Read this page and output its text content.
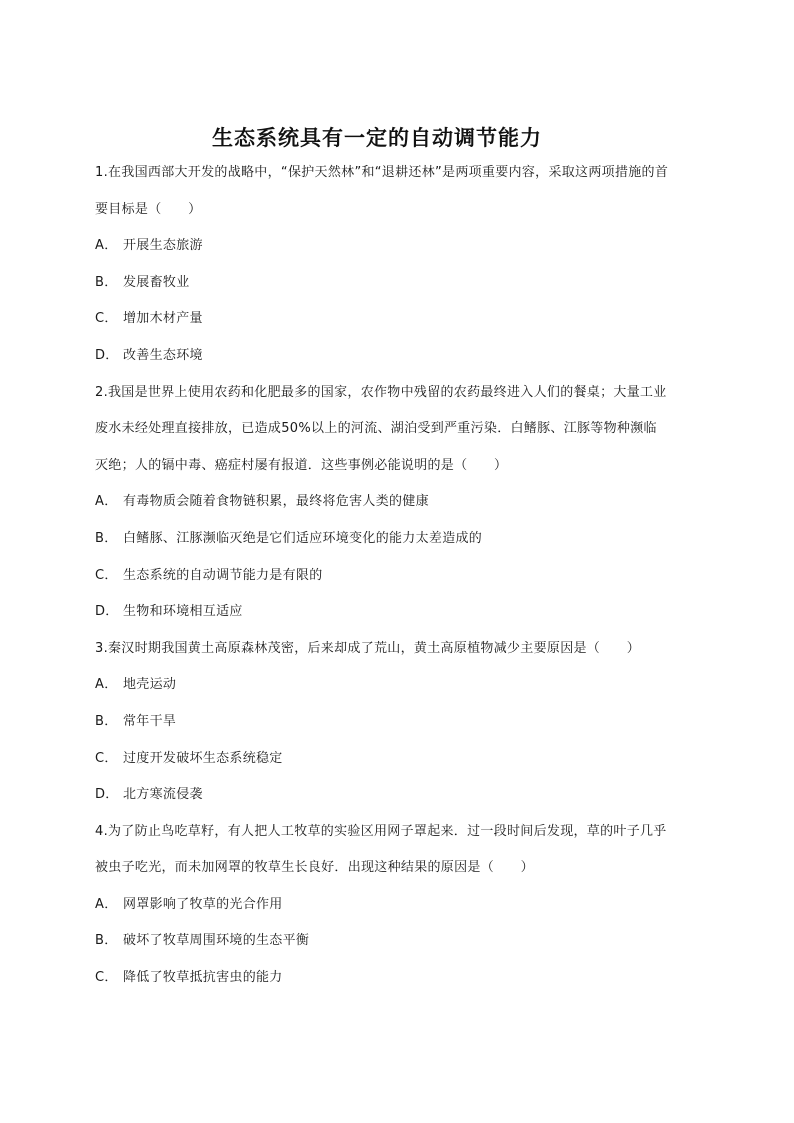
生态系统具有一定的自动调节能力
1.在我国西部大开发的战略中，“保护天然林”和“退耕还林”是两项重要内容，采取这两项措施的首
要目标是（　　）
A． 开展生态旅游
B． 发展畜牧业
C． 增加木材产量
D． 改善生态环境
2.我国是世界上使用农药和化肥最多的国家，农作物中残留的农药最终进入人们的餐桌；大量工业
废水未经处理直接排放，已造成50%以上的河流、湖泊受到严重污染．白鳍豚、江豚等物种濒临
灭绝；人的镉中毒、癌症村屡有报道．这些事例必能说明的是（　　）
A． 有毒物质会随着食物链积累，最终将危害人类的健康
B． 白鳍豚、江豚濒临灭绝是它们适应环境变化的能力太差造成的
C． 生态系统的自动调节能力是有限的
D． 生物和环境相互适应
3.秦汉时期我国黄土高原森林茂密，后来却成了荒山，黄土高原植物减少主要原因是（　　）
A． 地壳运动
B． 常年干旱
C． 过度开发破坏生态系统稳定
D． 北方寒流侵袭
4.为了防止鸟吃草籽，有人把人工牧草的实验区用网子罩起来．过一段时间后发现，草的叶子几乎
被虫子吃光，而未加网罩的牧草生长良好．出现这种结果的原因是（　　）
A． 网罩影响了牧草的光合作用
B． 破坏了牧草周围环境的生态平衡
C． 降低了牧草抵抗害虫的能力
